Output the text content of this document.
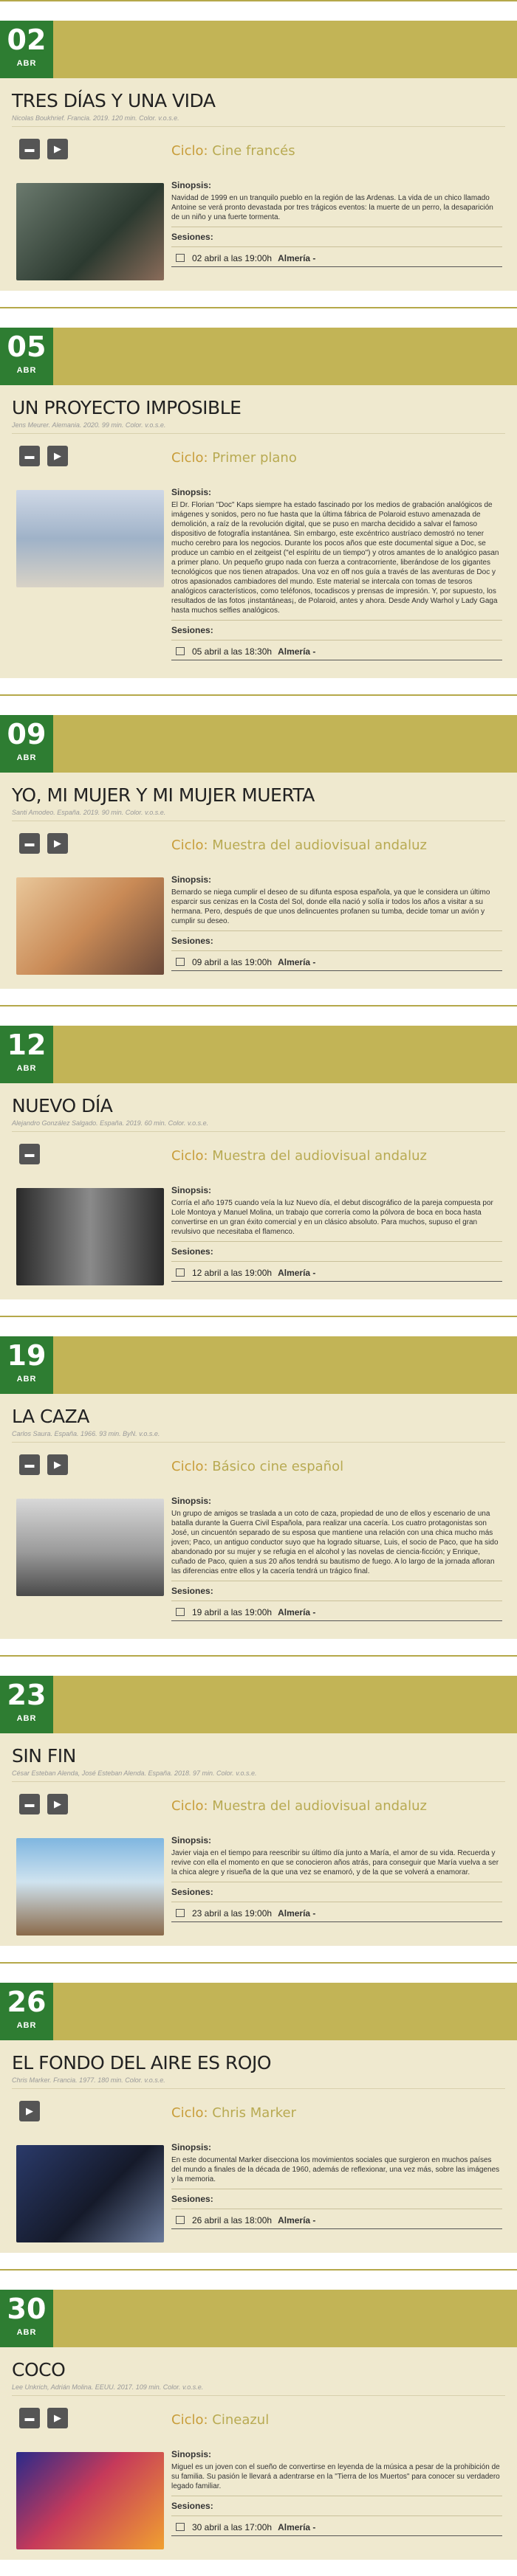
02
ABR
TRES DÍAS Y UNA VIDA
Nicolas Boukhrief. Francia. 2019. 120 min. Color. v.o.s.e.
▬ ▶	Ciclo: Cine francés
Sinopsis:
Navidad de 1999 en un tranquilo pueblo en la región de las Ardenas. La vida de un chico llamado Antoine se verá pronto devastada por tres trágicos eventos: la muerte de un perro, la desaparición de un niño y una fuerte tormenta.
Sesiones:
02 abril a las 19:00h Almería -
05
ABR
UN PROYECTO IMPOSIBLE
Jens Meurer. Alemania. 2020. 99 min. Color. v.o.s.e.
▬ ▶	Ciclo: Primer plano
Sinopsis:
El Dr. Florian "Doc" Kaps siempre ha estado fascinado por los medios de grabación analógicos de imágenes y sonidos, pero no fue hasta que la última fábrica de Polaroid estuvo amenazada de demolición, a raíz de la revolución digital, que se puso en marcha decidido a salvar el famoso dispositivo de fotografía instantánea. Sin embargo, este excéntrico austríaco demostró no tener mucho cerebro para los negocios. Durante los pocos años que este documental sigue a Doc, se produce un cambio en el zeitgeist ("el espíritu de un tiempo") y otros amantes de lo analógico pasan a primer plano. Un pequeño grupo nada con fuerza a contracorriente, liberándose de los gigantes tecnológicos que nos tienen atrapados. Una voz en off nos guía a través de las aventuras de Doc y otros apasionados cambiadores del mundo. Este material se intercala con tomas de tesoros analógicos característicos, como teléfonos, tocadiscos y prensas de impresión. Y, por supuesto, los resultados de las fotos ¡instantáneas¡, de Polaroid, antes y ahora. Desde Andy Warhol y Lady Gaga hasta muchos selfies analógicos.
Sesiones:
05 abril a las 18:30h Almería -
09
ABR
YO, MI MUJER Y MI MUJER MUERTA
Santi Amodeo. España. 2019. 90 min. Color. v.o.s.e.
▬ ▶	Ciclo: Muestra del audiovisual andaluz
Sinopsis:
Bernardo se niega cumplir el deseo de su difunta esposa española, ya que le considera un último esparcir sus cenizas en la Costa del Sol, donde ella nació y solía ir todos los años a visitar a su hermana. Pero, después de que unos delincuentes profanen su tumba, decide tomar un avión y cumplir su deseo.
Sesiones:
09 abril a las 19:00h Almería -
12
ABR
NUEVO DÍA
Alejandro González Salgado. España. 2019. 60 min. Color. v.o.s.e.
▬	Ciclo: Muestra del audiovisual andaluz
Sinopsis:
Corría el año 1975 cuando veía la luz Nuevo día, el debut discográfico de la pareja compuesta por Lole Montoya y Manuel Molina, un trabajo que correría como la pólvora de boca en boca hasta convertirse en un gran éxito comercial y en un clásico absoluto. Para muchos, supuso el gran revulsivo que necesitaba el flamenco.
Sesiones:
12 abril a las 19:00h Almería -
19
ABR
LA CAZA
Carlos Saura. España. 1966. 93 min. ByN. v.o.s.e.
▬ ▶	Ciclo: Básico cine español
Sinopsis:
Un grupo de amigos se traslada a un coto de caza, propiedad de uno de ellos y escenario de una batalla durante la Guerra Civil Española, para realizar una cacería. Los cuatro protagonistas son José, un cincuentón separado de su esposa que mantiene una relación con una chica mucho más joven; Paco, un antiguo conductor suyo que ha logrado situarse, Luis, el socio de Paco, que ha sido abandonado por su mujer y se refugia en el alcohol y las novelas de ciencia-ficción; y Enrique, cuñado de Paco, quien a sus 20 años tendrá su bautismo de fuego. A lo largo de la jornada afloran las diferencias entre ellos y la cacería tendrá un trágico final.
Sesiones:
19 abril a las 19:00h Almería -
23
ABR
SIN FIN
César Esteban Alenda, José Esteban Alenda. España. 2018. 97 min. Color. v.o.s.e.
▬ ▶	Ciclo: Muestra del audiovisual andaluz
Sinopsis:
Javier viaja en el tiempo para reescribir su último día junto a María, el amor de su vida. Recuerda y revive con ella el momento en que se conocieron años atrás, para conseguir que María vuelva a ser la chica alegre y risueña de la que una vez se enamoró, y de la que se volverá a enamorar.
Sesiones:
23 abril a las 19:00h Almería -
26
ABR
EL FONDO DEL AIRE ES ROJO
Chris Marker. Francia. 1977. 180 min. Color. v.o.s.e.
▶	Ciclo: Chris Marker
Sinopsis:
En este documental Marker disecciona los movimientos sociales que surgieron en muchos países del mundo a finales de la década de 1960, además de reflexionar, una vez más, sobre las imágenes y la memoria.
Sesiones:
26 abril a las 18:00h Almería -
30
ABR
COCO
Lee Unkrich, Adrián Molina. EEUU. 2017. 109 min. Color. v.o.s.e.
▬ ▶	Ciclo: Cineazul
Sinopsis:
Miguel es un joven con el sueño de convertirse en leyenda de la música a pesar de la prohibición de su familia. Su pasión le llevará a adentrarse en la "Tierra de los Muertos" para conocer su verdadero legado familiar.
Sesiones:
30 abril a las 17:00h Almería -
